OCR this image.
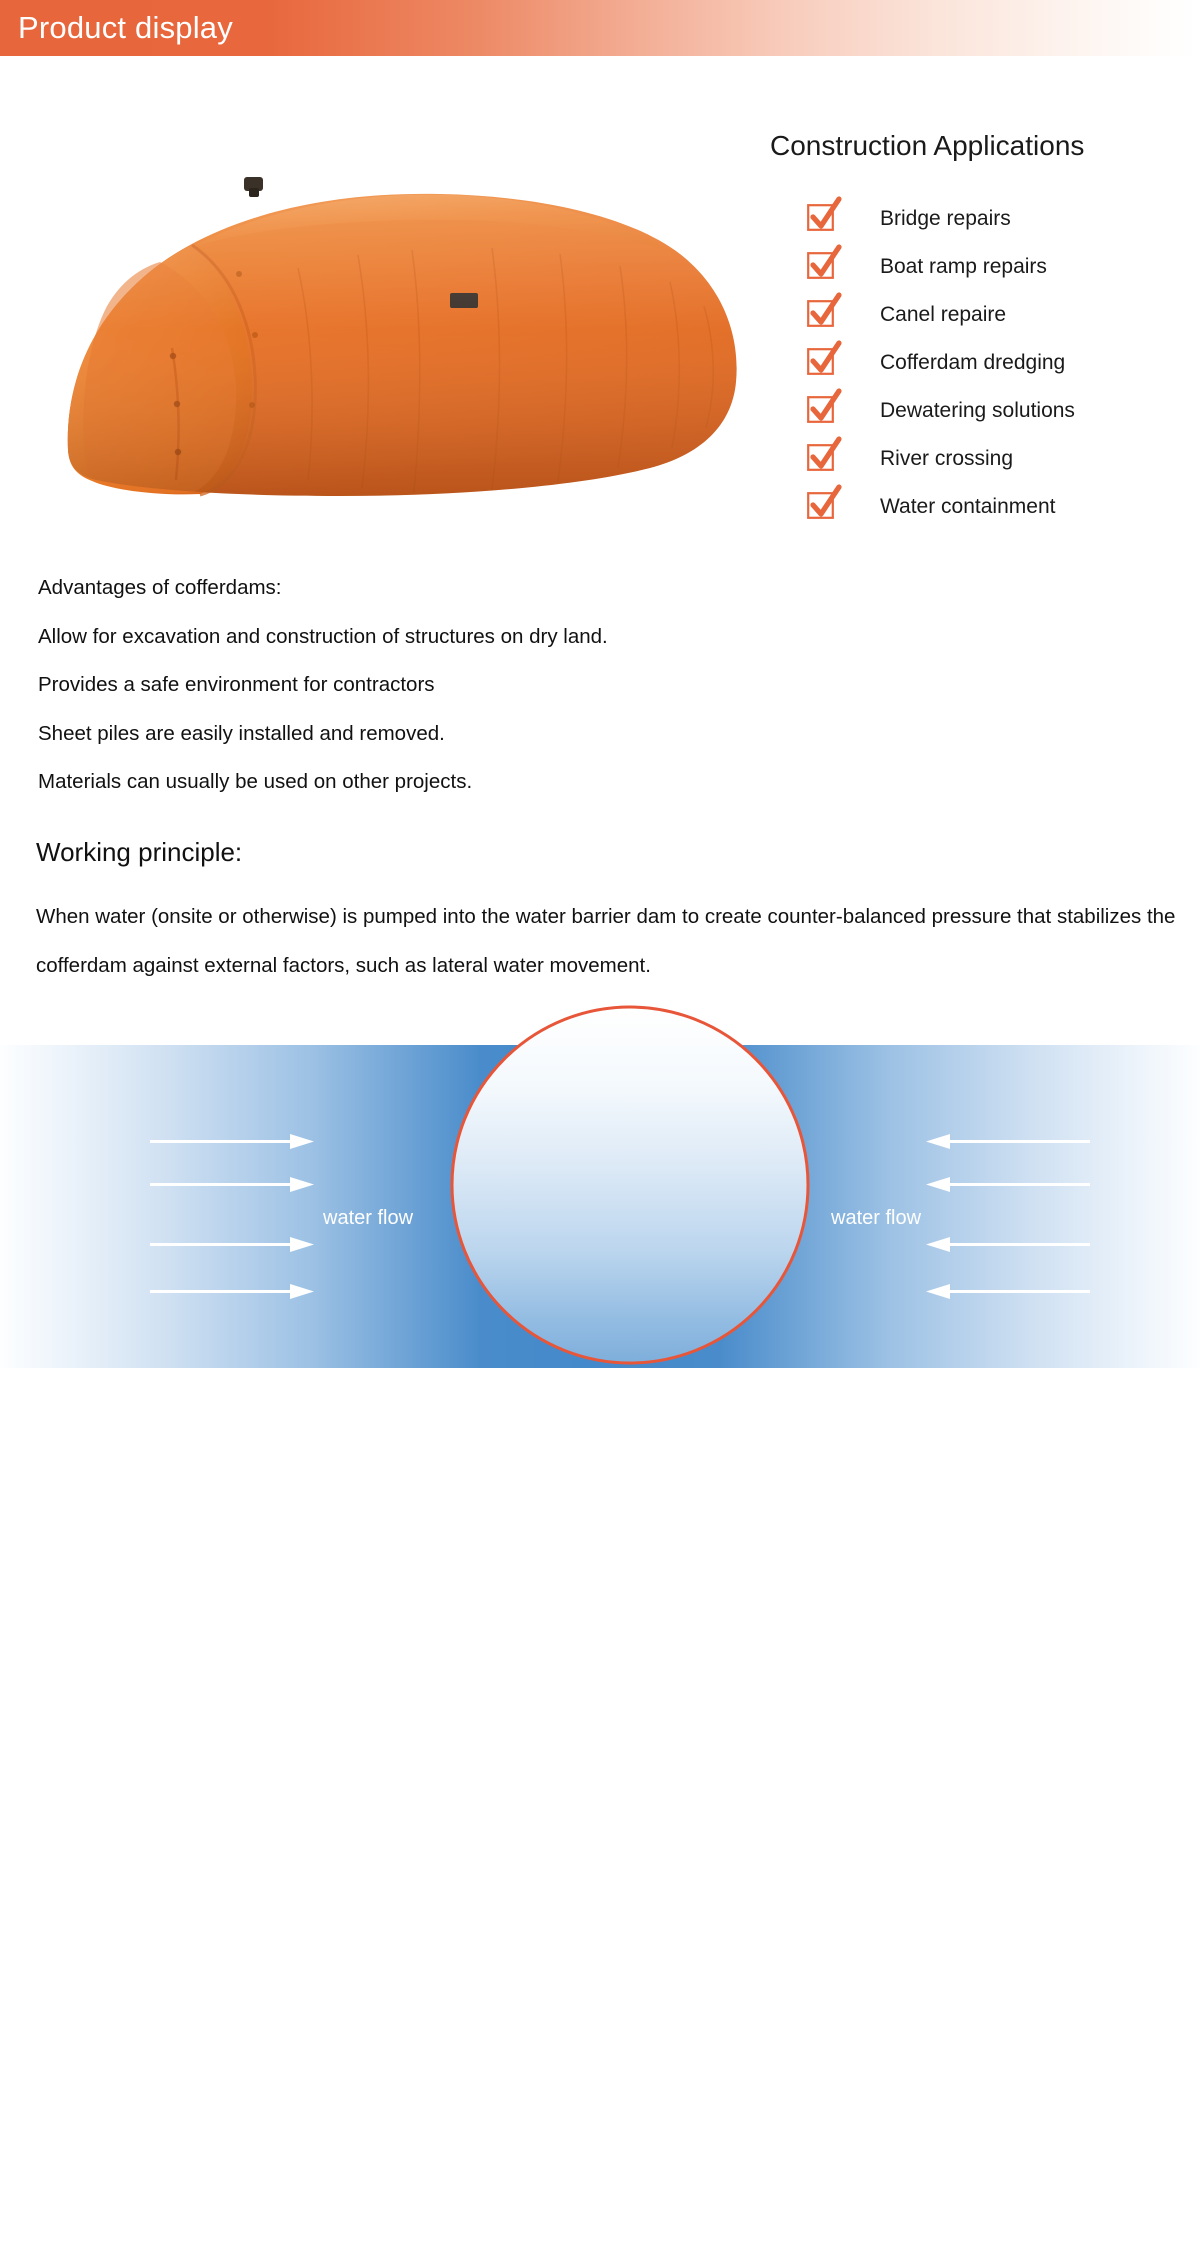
Product display
Construction Applications
Bridge repairs
Boat ramp repairs
Canel repaire
Cofferdam dredging
Dewatering solutions
River crossing
Water containment
Advantages of cofferdams:
Allow for excavation and construction of structures on dry land.
Provides a safe environment for contractors
Sheet piles are easily installed and removed.
Materials can usually be used on other projects.
Working principle:
When water (onsite or otherwise) is pumped into the water barrier dam to create counter-balanced pressure that stabilizes the cofferdam against external factors, such as lateral water movement.
water in side
water flow	water flow
